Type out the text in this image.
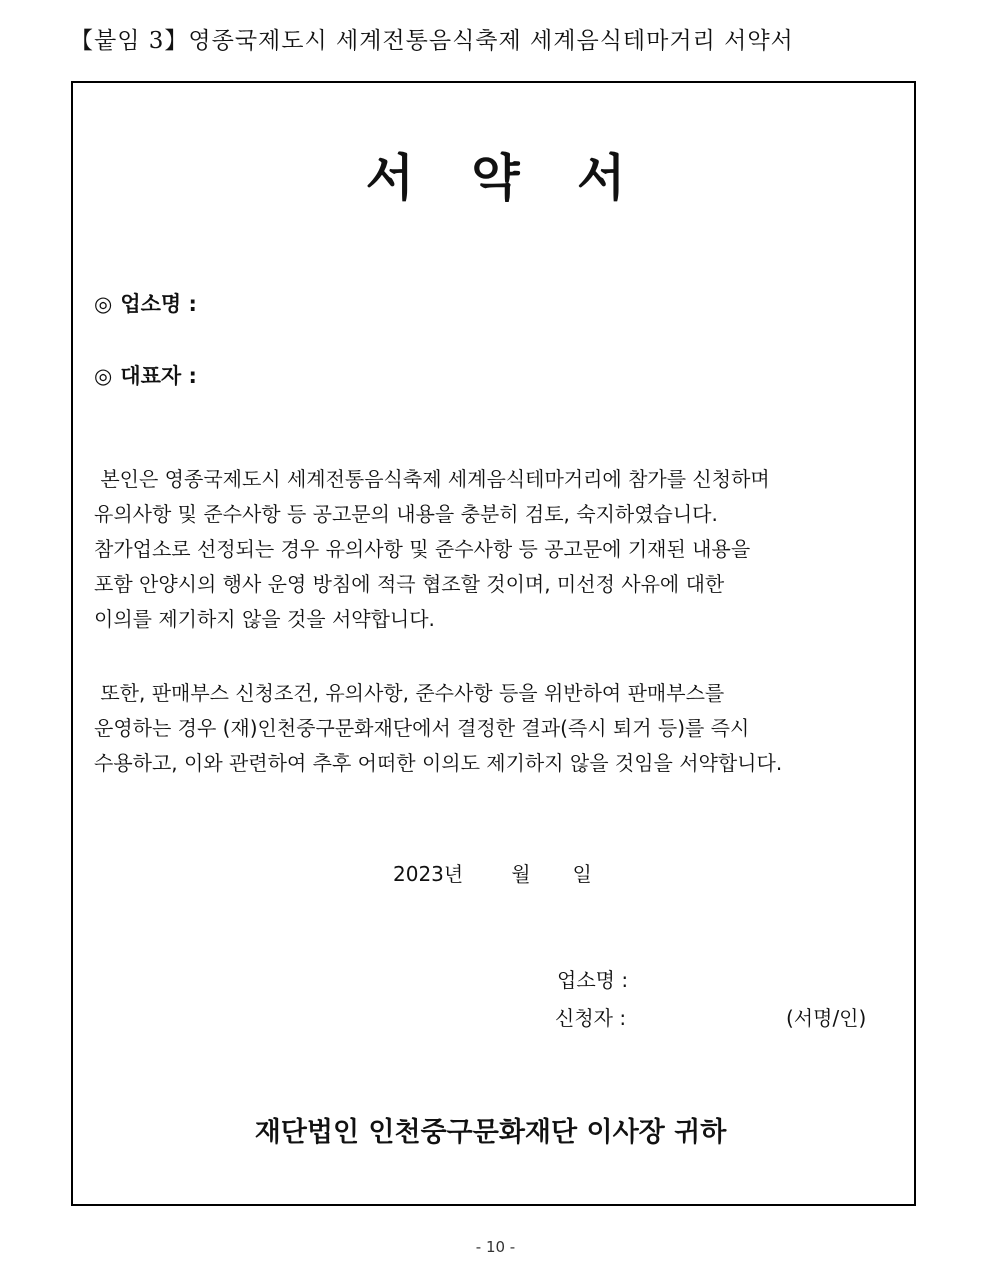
【붙임 3】영종국제도시 세계전통음식축제 세계음식테마거리 서약서
서 약 서
◎ 업소명 :
◎ 대표자 :
본인은 영종국제도시 세계전통음식축제 세계음식테마거리에 참가를 신청하며
유의사항 및 준수사항 등 공고문의 내용을 충분히 검토, 숙지하였습니다.
참가업소로 선정되는 경우 유의사항 및 준수사항 등 공고문에 기재된 내용을
포함 안양시의 행사 운영 방침에 적극 협조할 것이며, 미선정 사유에 대한
이의를 제기하지 않을 것을 서약합니다.
또한, 판매부스 신청조건, 유의사항, 준수사항 등을 위반하여 판매부스를
운영하는 경우 (재)인천중구문화재단에서 결정한 결과(즉시 퇴거 등)를 즉시
수용하고, 이와 관련하여 추후 어떠한 이의도 제기하지 않을 것임을 서약합니다.
2023년 월 일
업소명 :
신청자 :	(서명/인)
재단법인 인천중구문화재단 이사장 귀하
- 10 -
